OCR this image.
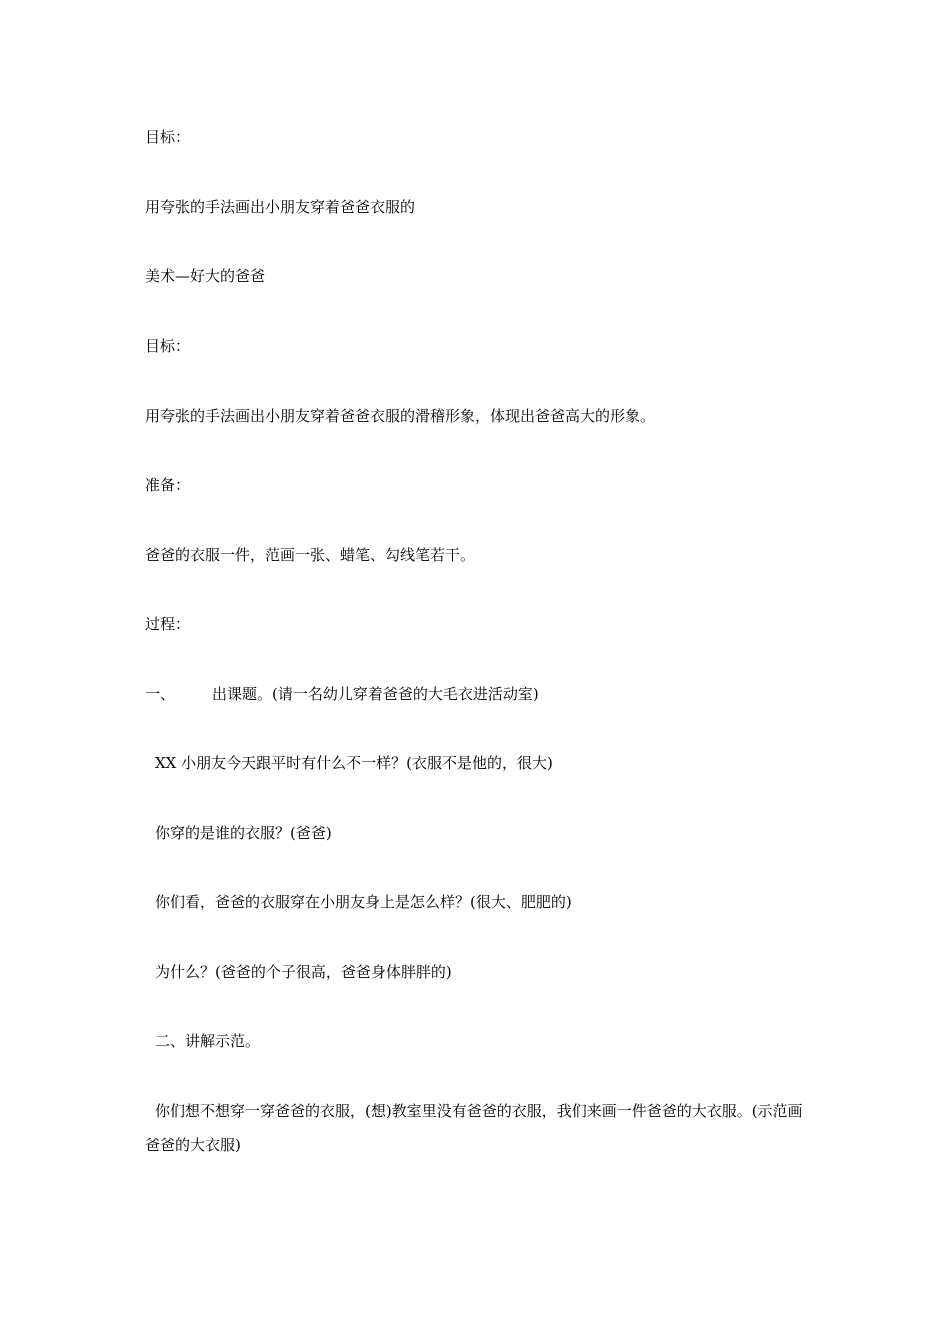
目标：
用夸张的手法画出小朋友穿着爸爸衣服的
美术—好大的爸爸
目标：
用夸张的手法画出小朋友穿着爸爸衣服的滑稽形象，体现出爸爸高大的形象。
准备：
爸爸的衣服一件，范画一张、蜡笔、勾线笔若干。
过程：
一、 出课题。(请一名幼儿穿着爸爸的大毛衣进活动室)
XX 小朋友今天跟平时有什么不一样？(衣服不是他的，很大)
你穿的是谁的衣服？(爸爸)
你们看，爸爸的衣服穿在小朋友身上是怎么样？(很大、肥肥的)
为什么？(爸爸的个子很高，爸爸身体胖胖的)
二、讲解示范。
你们想不想穿一穿爸爸的衣服，(想)教室里没有爸爸的衣服，我们来画一件爸爸的大衣服。(示范画爸爸的大衣服)
